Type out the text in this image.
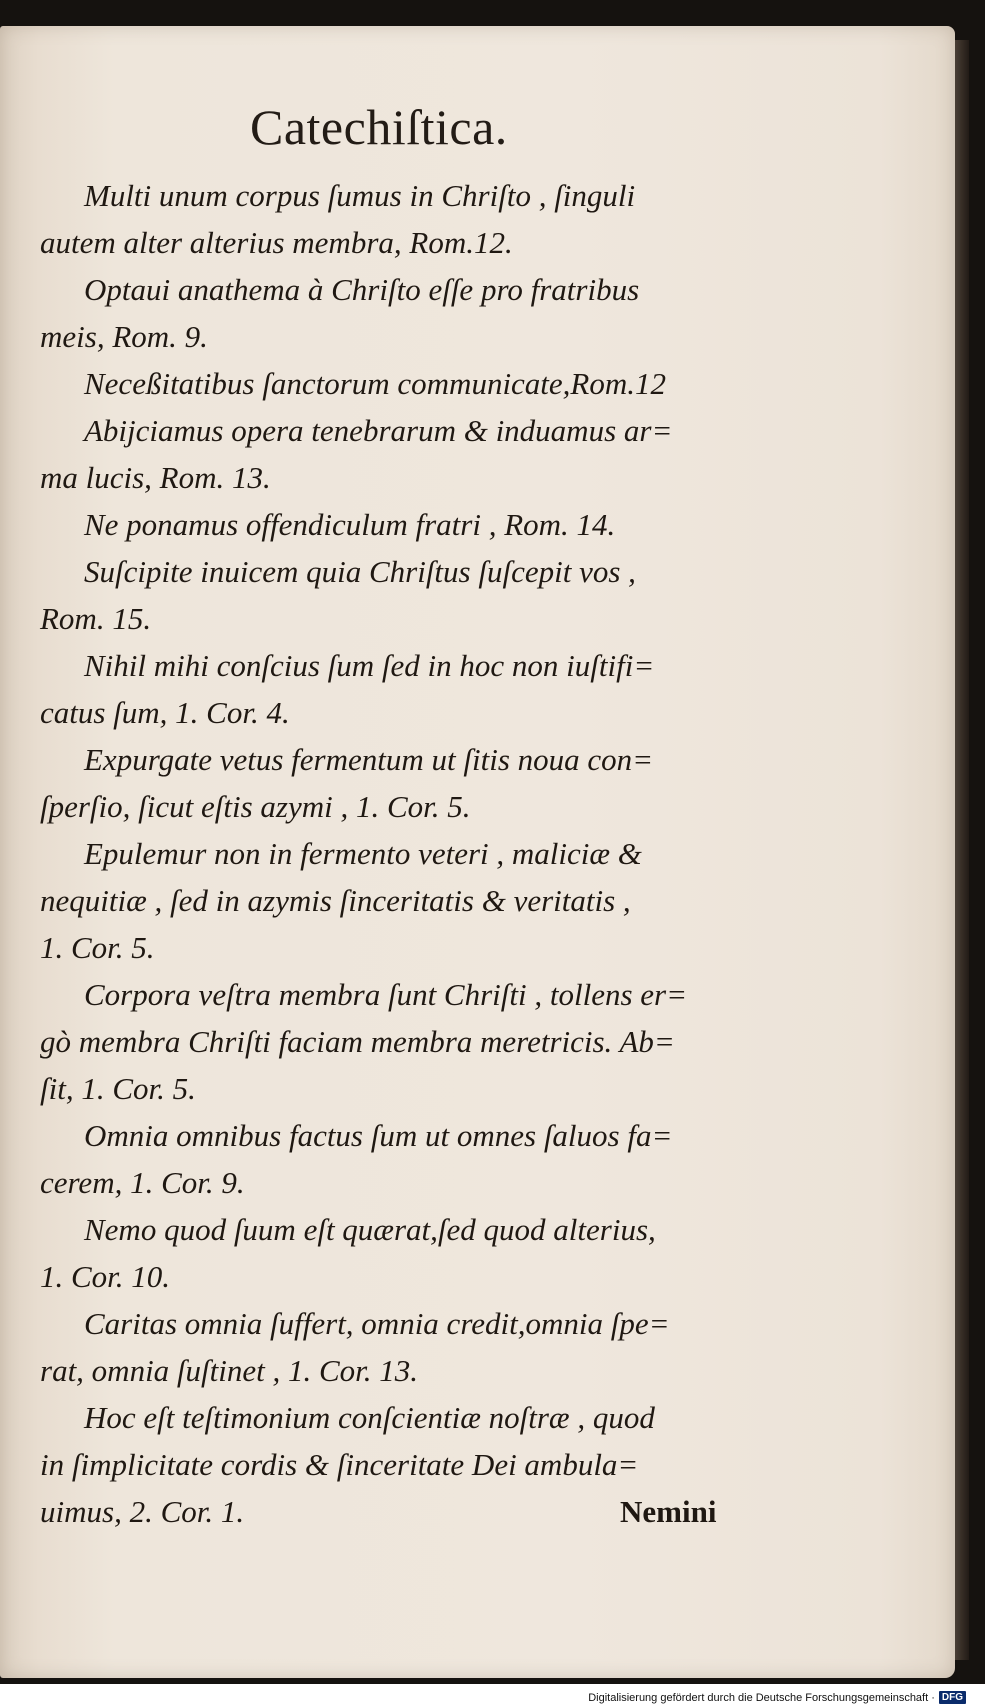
Catechiſtica.
Multi unum corpus ſumus in Chriſto , ſinguli
autem alter alterius membra, Rom.12.
Optaui anathema à Chriſto eſſe pro fratribus
meis, Rom. 9.
Neceßitatibus ſanctorum communicate,Rom.12
Abijciamus opera tenebrarum & induamus ar=
ma lucis, Rom. 13.
Ne ponamus offendiculum fratri , Rom. 14.
Suſcipite inuicem quia Chriſtus ſuſcepit vos ,
Rom. 15.
Nihil mihi conſcius ſum ſed in hoc non iuſtifi=
catus ſum, 1. Cor. 4.
Expurgate vetus fermentum ut ſitis noua con=
ſperſio, ſicut eſtis azymi , 1. Cor. 5.
Epulemur non in fermento veteri , maliciæ &
nequitiæ , ſed in azymis ſinceritatis & veritatis ,
1. Cor. 5.
Corpora veſtra membra ſunt Chriſti , tollens er=
gò membra Chriſti faciam membra meretricis. Ab=
ſit, 1. Cor. 5.
Omnia omnibus factus ſum ut omnes ſaluos fa=
cerem, 1. Cor. 9.
Nemo quod ſuum eſt quærat,ſed quod alterius,
1. Cor. 10.
Caritas omnia ſuffert, omnia credit,omnia ſpe=
rat, omnia ſuſtinet , 1. Cor. 13.
Hoc eſt teſtimonium conſcientiæ noſtræ , quod
in ſimplicitate cordis & ſinceritate Dei ambula=
uimus, 2. Cor. 1.	Nemini
Digitalisierung gefördert durch die Deutsche Forschungsgemeinschaft · DFG
